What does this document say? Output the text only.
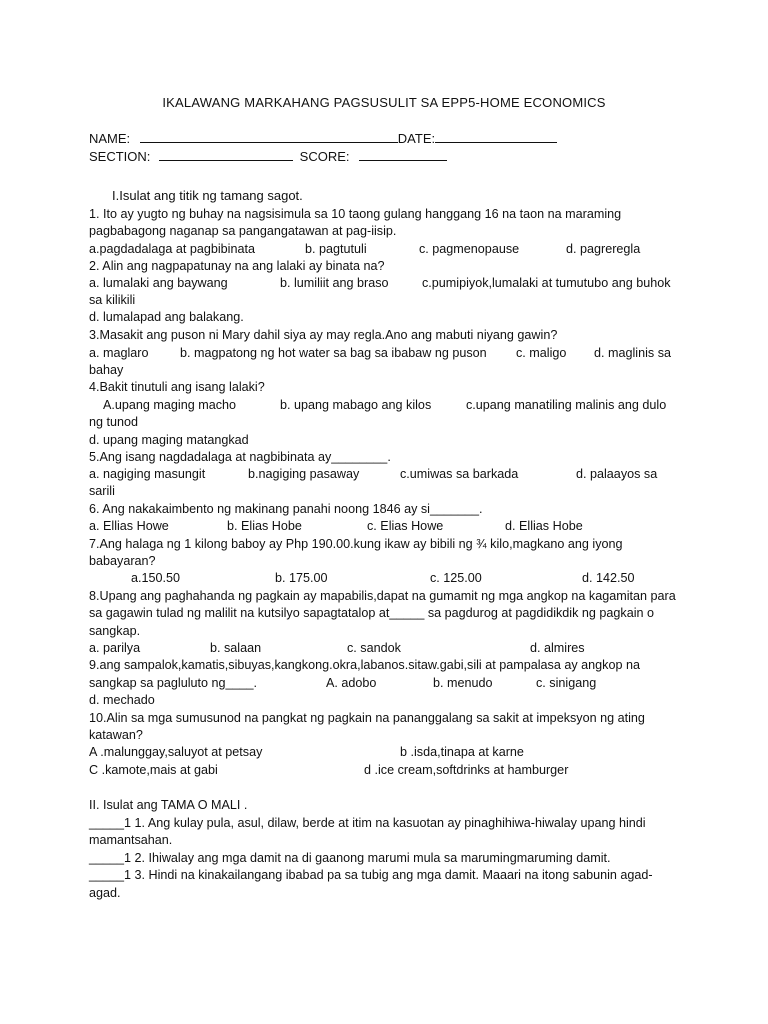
IKALAWANG MARKAHANG PAGSUSULIT SA EPP5-HOME ECONOMICS
NAME:	DATE:
SECTION:	SCORE:
I.Isulat ang titik ng tamang sagot.
1. Ito ay yugto ng buhay na nagsisimula sa 10 taong gulang hanggang 16 na taon na maraming
pagbabagong naganap sa pangangatawan at pag-iisip.
a.pagdadalaga at pagbibinata	b. pagtutuli	c. pagmenopause	d. pagreregla
2. Alin ang nagpapatunay na ang lalaki ay binata na?
a. lumalaki ang baywang	b. lumiliit ang braso	c.pumipiyok,lumalaki at tumutubo ang buhok
sa kilikili
d. lumalapad ang balakang.
3.Masakit ang puson ni Mary dahil siya ay may regla.Ano ang mabuti niyang gawin?
a. maglaro b. magpatong ng hot water sa bag sa ibabaw ng puson c. maligo d. maglinis sa
bahay
4.Bakit tinutuli ang isang lalaki?
A.upang maging macho	b. upang mabago ang kilos	c.upang manatiling malinis ang dulo
ng tunod
d. upang maging matangkad
5.Ang isang nagdadalaga at nagbibinata ay________.
a. nagiging masungit	b.nagiging pasaway	c.umiwas sa barkada	d. palaayos sa
sarili
6. Ang nakakaimbento ng makinang panahi noong 1846 ay si_______.
a. Ellias Howe	b. Elias Hobe	c. Elias Howe	d. Ellias Hobe
7.Ang halaga ng 1 kilong baboy ay Php 190.00.kung ikaw ay bibili ng ¾ kilo,magkano ang iyong
babayaran?
a.150.50	b. 175.00	c. 125.00	d. 142.50
8.Upang ang paghahanda ng pagkain ay mapabilis,dapat na gumamit ng mga angkop na kagamitan para
sa gagawin tulad ng malilit na kutsilyo sapagtatalop at_____ sa pagdurog at pagdidikdik ng pagkain o
sangkap.
a. parilya	b. salaan	c. sandok	d. almires
9.ang sampalok,kamatis,sibuyas,kangkong.okra,labanos.sitaw.gabi,sili at pampalasa ay angkop na
sangkap sa pagluluto ng____.	A. adobo	b. menudo	c. sinigang
d. mechado
10.Alin sa mga sumusunod na pangkat ng pagkain na pananggalang sa sakit at impeksyon ng ating
katawan?
A .malunggay,saluyot at petsay	b .isda,tinapa at karne
C .kamote,mais at gabi	d .ice cream,softdrinks at hamburger
II. Isulat ang TAMA O MALI .
_____1 1. Ang kulay pula, asul, dilaw, berde at itim na kasuotan ay pinaghihiwa-hiwalay upang hindi
mamantsahan.
_____1 2. Ihiwalay ang mga damit na di gaanong marumi mula sa marumingmaruming damit.
_____1 3. Hindi na kinakailangang ibabad pa sa tubig ang mga damit. Maaari na itong sabunin agad-
agad.
